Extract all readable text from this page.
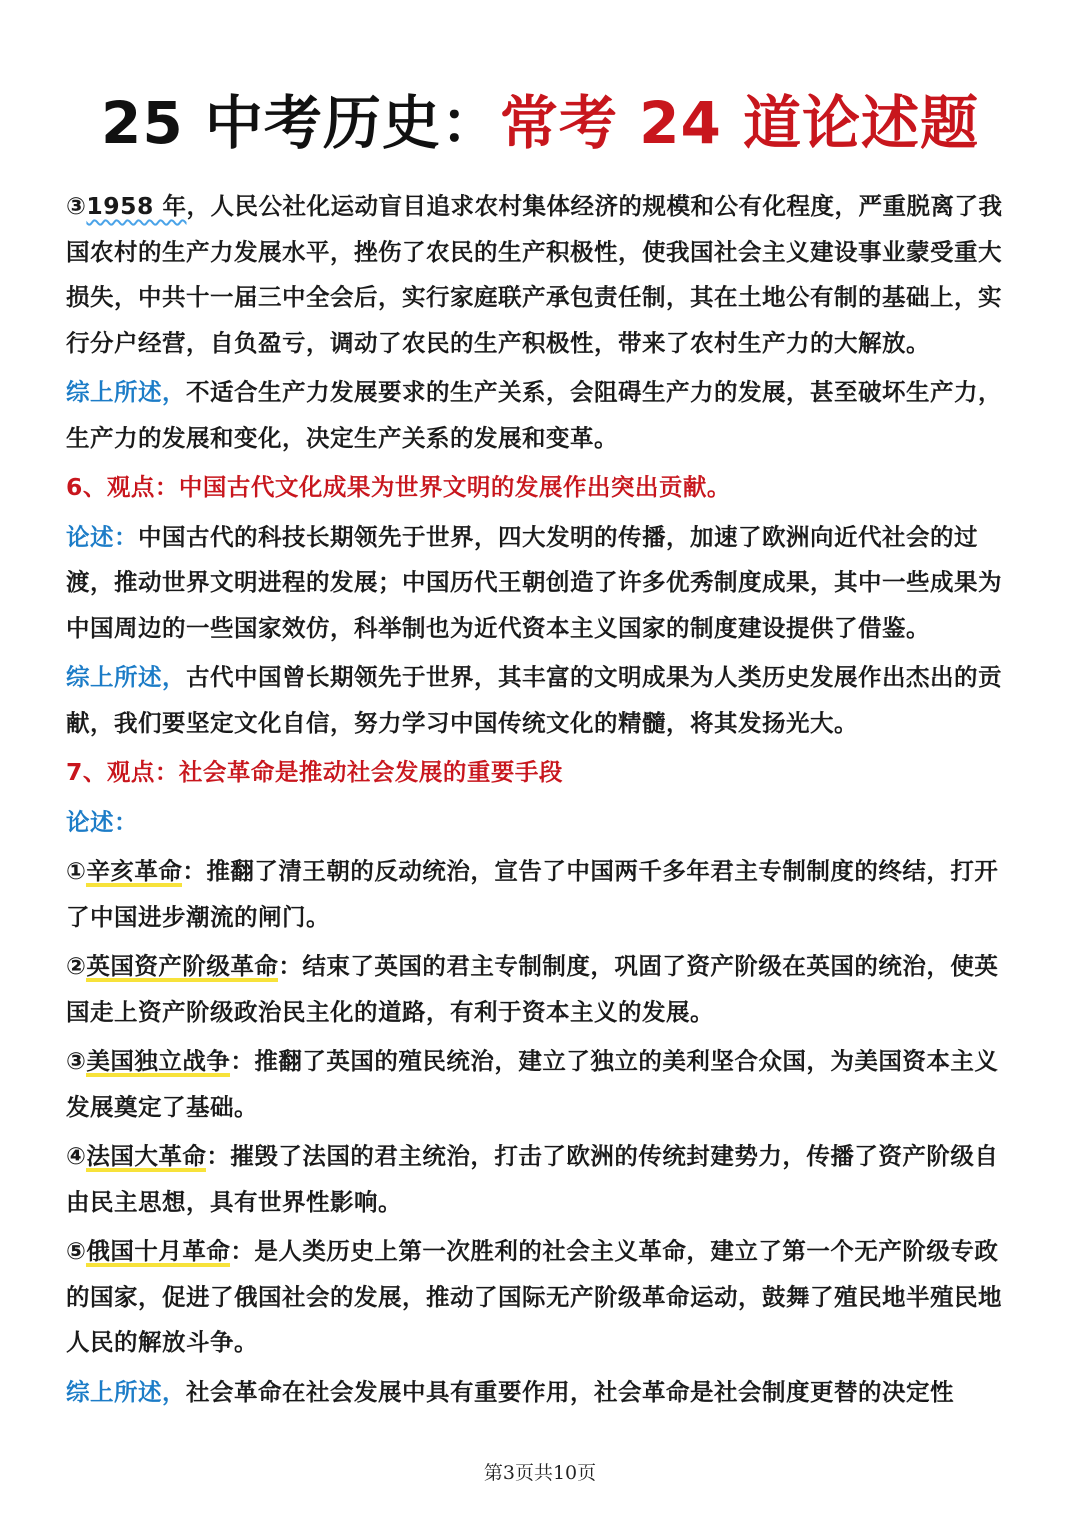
25 中考历史：常考 24 道论述题

③1958 年，人民公社化运动盲目追求农村集体经济的规模和公有化程度，严重脱离了我国农村的生产力发展水平，挫伤了农民的生产积极性，使我国社会主义建设事业蒙受重大损失，中共十一届三中全会后，实行家庭联产承包责任制，其在土地公有制的基础上，实行分户经营，自负盈亏，调动了农民的生产积极性，带来了农村生产力的大解放。

综上所述，不适合生产力发展要求的生产关系，会阻碍生产力的发展，甚至破坏生产力，生产力的发展和变化，决定生产关系的发展和变革。

6、观点：中国古代文化成果为世界文明的发展作出突出贡献。

论述：中国古代的科技长期领先于世界，四大发明的传播，加速了欧洲向近代社会的过渡，推动世界文明进程的发展；中国历代王朝创造了许多优秀制度成果，其中一些成果为中国周边的一些国家效仿，科举制也为近代资本主义国家的制度建设提供了借鉴。

综上所述，古代中国曾长期领先于世界，其丰富的文明成果为人类历史发展作出杰出的贡献，我们要坚定文化自信，努力学习中国传统文化的精髓，将其发扬光大。

7、观点：社会革命是推动社会发展的重要手段

论述：

①辛亥革命：推翻了清王朝的反动统治，宣告了中国两千多年君主专制制度的终结，打开了中国进步潮流的闸门。

②英国资产阶级革命：结束了英国的君主专制制度，巩固了资产阶级在英国的统治，使英国走上资产阶级政治民主化的道路，有利于资本主义的发展。

③美国独立战争：推翻了英国的殖民统治，建立了独立的美利坚合众国，为美国资本主义发展奠定了基础。

④法国大革命：摧毁了法国的君主统治，打击了欧洲的传统封建势力，传播了资产阶级自由民主思想，具有世界性影响。

⑤俄国十月革命：是人类历史上第一次胜利的社会主义革命，建立了第一个无产阶级专政的国家，促进了俄国社会的发展，推动了国际无产阶级革命运动，鼓舞了殖民地半殖民地人民的解放斗争。

综上所述，社会革命在社会发展中具有重要作用，社会革命是社会制度更替的决定性

第3页共10页
